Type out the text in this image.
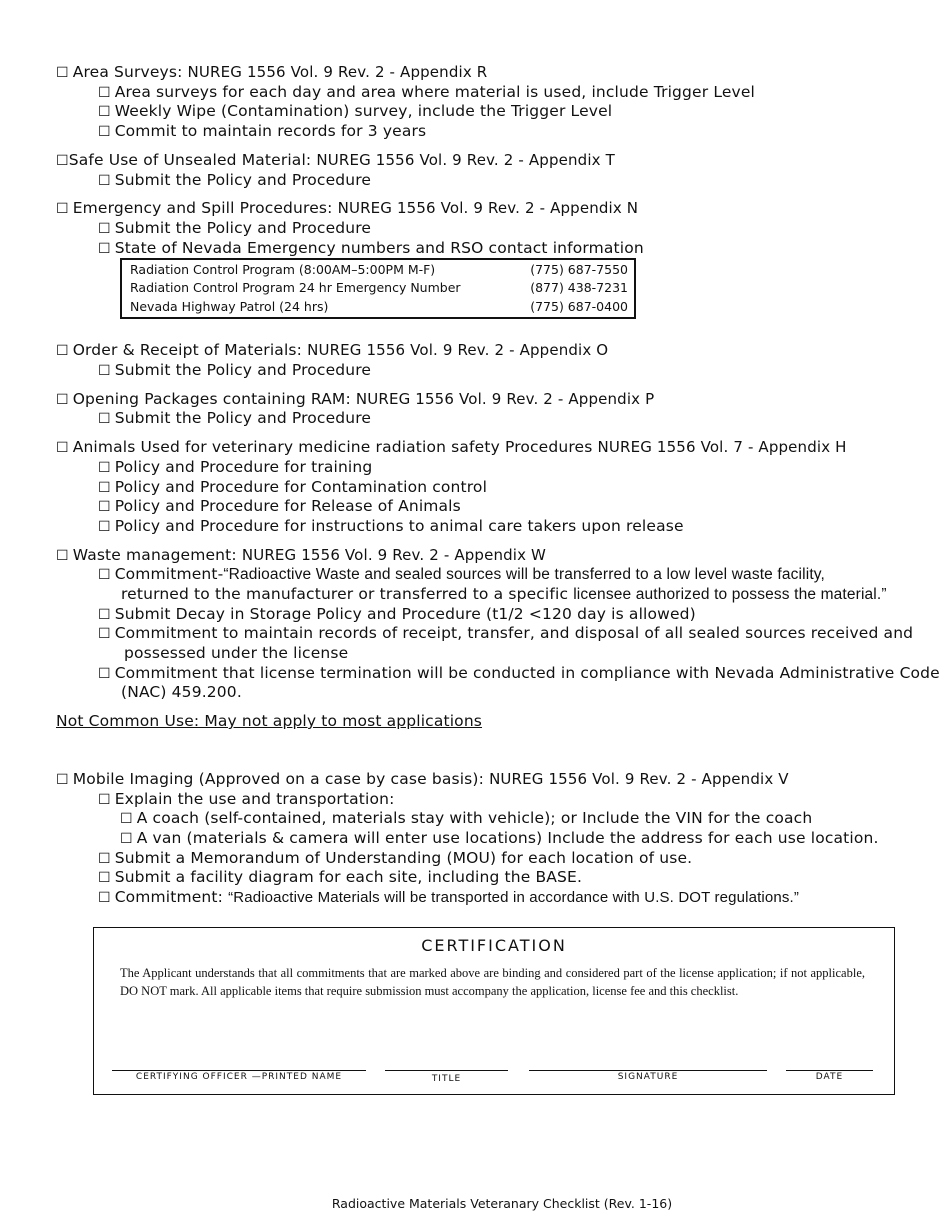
☐ Area Surveys: NUREG 1556 Vol. 9 Rev. 2 - Appendix R
☐ Area surveys for each day and area where material is used, include Trigger Level
☐ Weekly Wipe (Contamination) survey, include the Trigger Level
☐ Commit to maintain records for 3 years
☐Safe Use of Unsealed Material: NUREG 1556 Vol. 9 Rev. 2 - Appendix T
☐ Submit the Policy and Procedure
☐ Emergency and Spill Procedures: NUREG 1556 Vol. 9 Rev. 2 - Appendix N
☐ Submit the Policy and Procedure
☐ State of Nevada Emergency numbers and RSO contact information
Radiation Control Program (8:00AM–5:00PM M-F)	(775) 687-7550
Radiation Control Program 24 hr Emergency Number	(877) 438-7231
Nevada Highway Patrol (24 hrs)	(775) 687-0400
☐ Order & Receipt of Materials: NUREG 1556 Vol. 9 Rev. 2 - Appendix O
☐ Submit the Policy and Procedure
☐ Opening Packages containing RAM: NUREG 1556 Vol. 9 Rev. 2 - Appendix P
☐ Submit the Policy and Procedure
☐ Animals Used for veterinary medicine radiation safety Procedures NUREG 1556 Vol. 7 - Appendix H
☐ Policy and Procedure for training
☐ Policy and Procedure for Contamination control
☐ Policy and Procedure for Release of Animals
☐ Policy and Procedure for instructions to animal care takers upon release
☐ Waste management: NUREG 1556 Vol. 9 Rev. 2 - Appendix W
☐ Commitment-“Radioactive Waste and sealed sources will be transferred to a low level waste facility,
returned to the manufacturer or transferred to a specific licensee authorized to possess the material.”
☐ Submit Decay in Storage Policy and Procedure (t1/2 <120 day is allowed)
☐ Commitment to maintain records of receipt, transfer, and disposal of all sealed sources received and
possessed under the license
☐ Commitment that license termination will be conducted in compliance with Nevada Administrative Code
(NAC) 459.200.
Not Common Use: May not apply to most applications
☐ Mobile Imaging (Approved on a case by case basis): NUREG 1556 Vol. 9 Rev. 2 - Appendix V
☐ Explain the use and transportation:
☐ A coach (self-contained, materials stay with vehicle); or Include the VIN for the coach
☐ A van (materials & camera will enter use locations) Include the address for each use location.
☐ Submit a Memorandum of Understanding (MOU) for each location of use.
☐ Submit a facility diagram for each site, including the BASE.
☐ Commitment: “Radioactive Materials will be transported in accordance with U.S. DOT regulations.”
CERTIFICATION
The Applicant understands that all commitments that are marked above are binding and considered part of the license application; if not applicable, DO NOT mark. All applicable items that require submission must accompany the application, license fee and this checklist.
CERTIFYING OFFICER —PRINTED NAME	TITLE	SIGNATURE	DATE
Radioactive Materials Veteranary Checklist (Rev. 1-16)
